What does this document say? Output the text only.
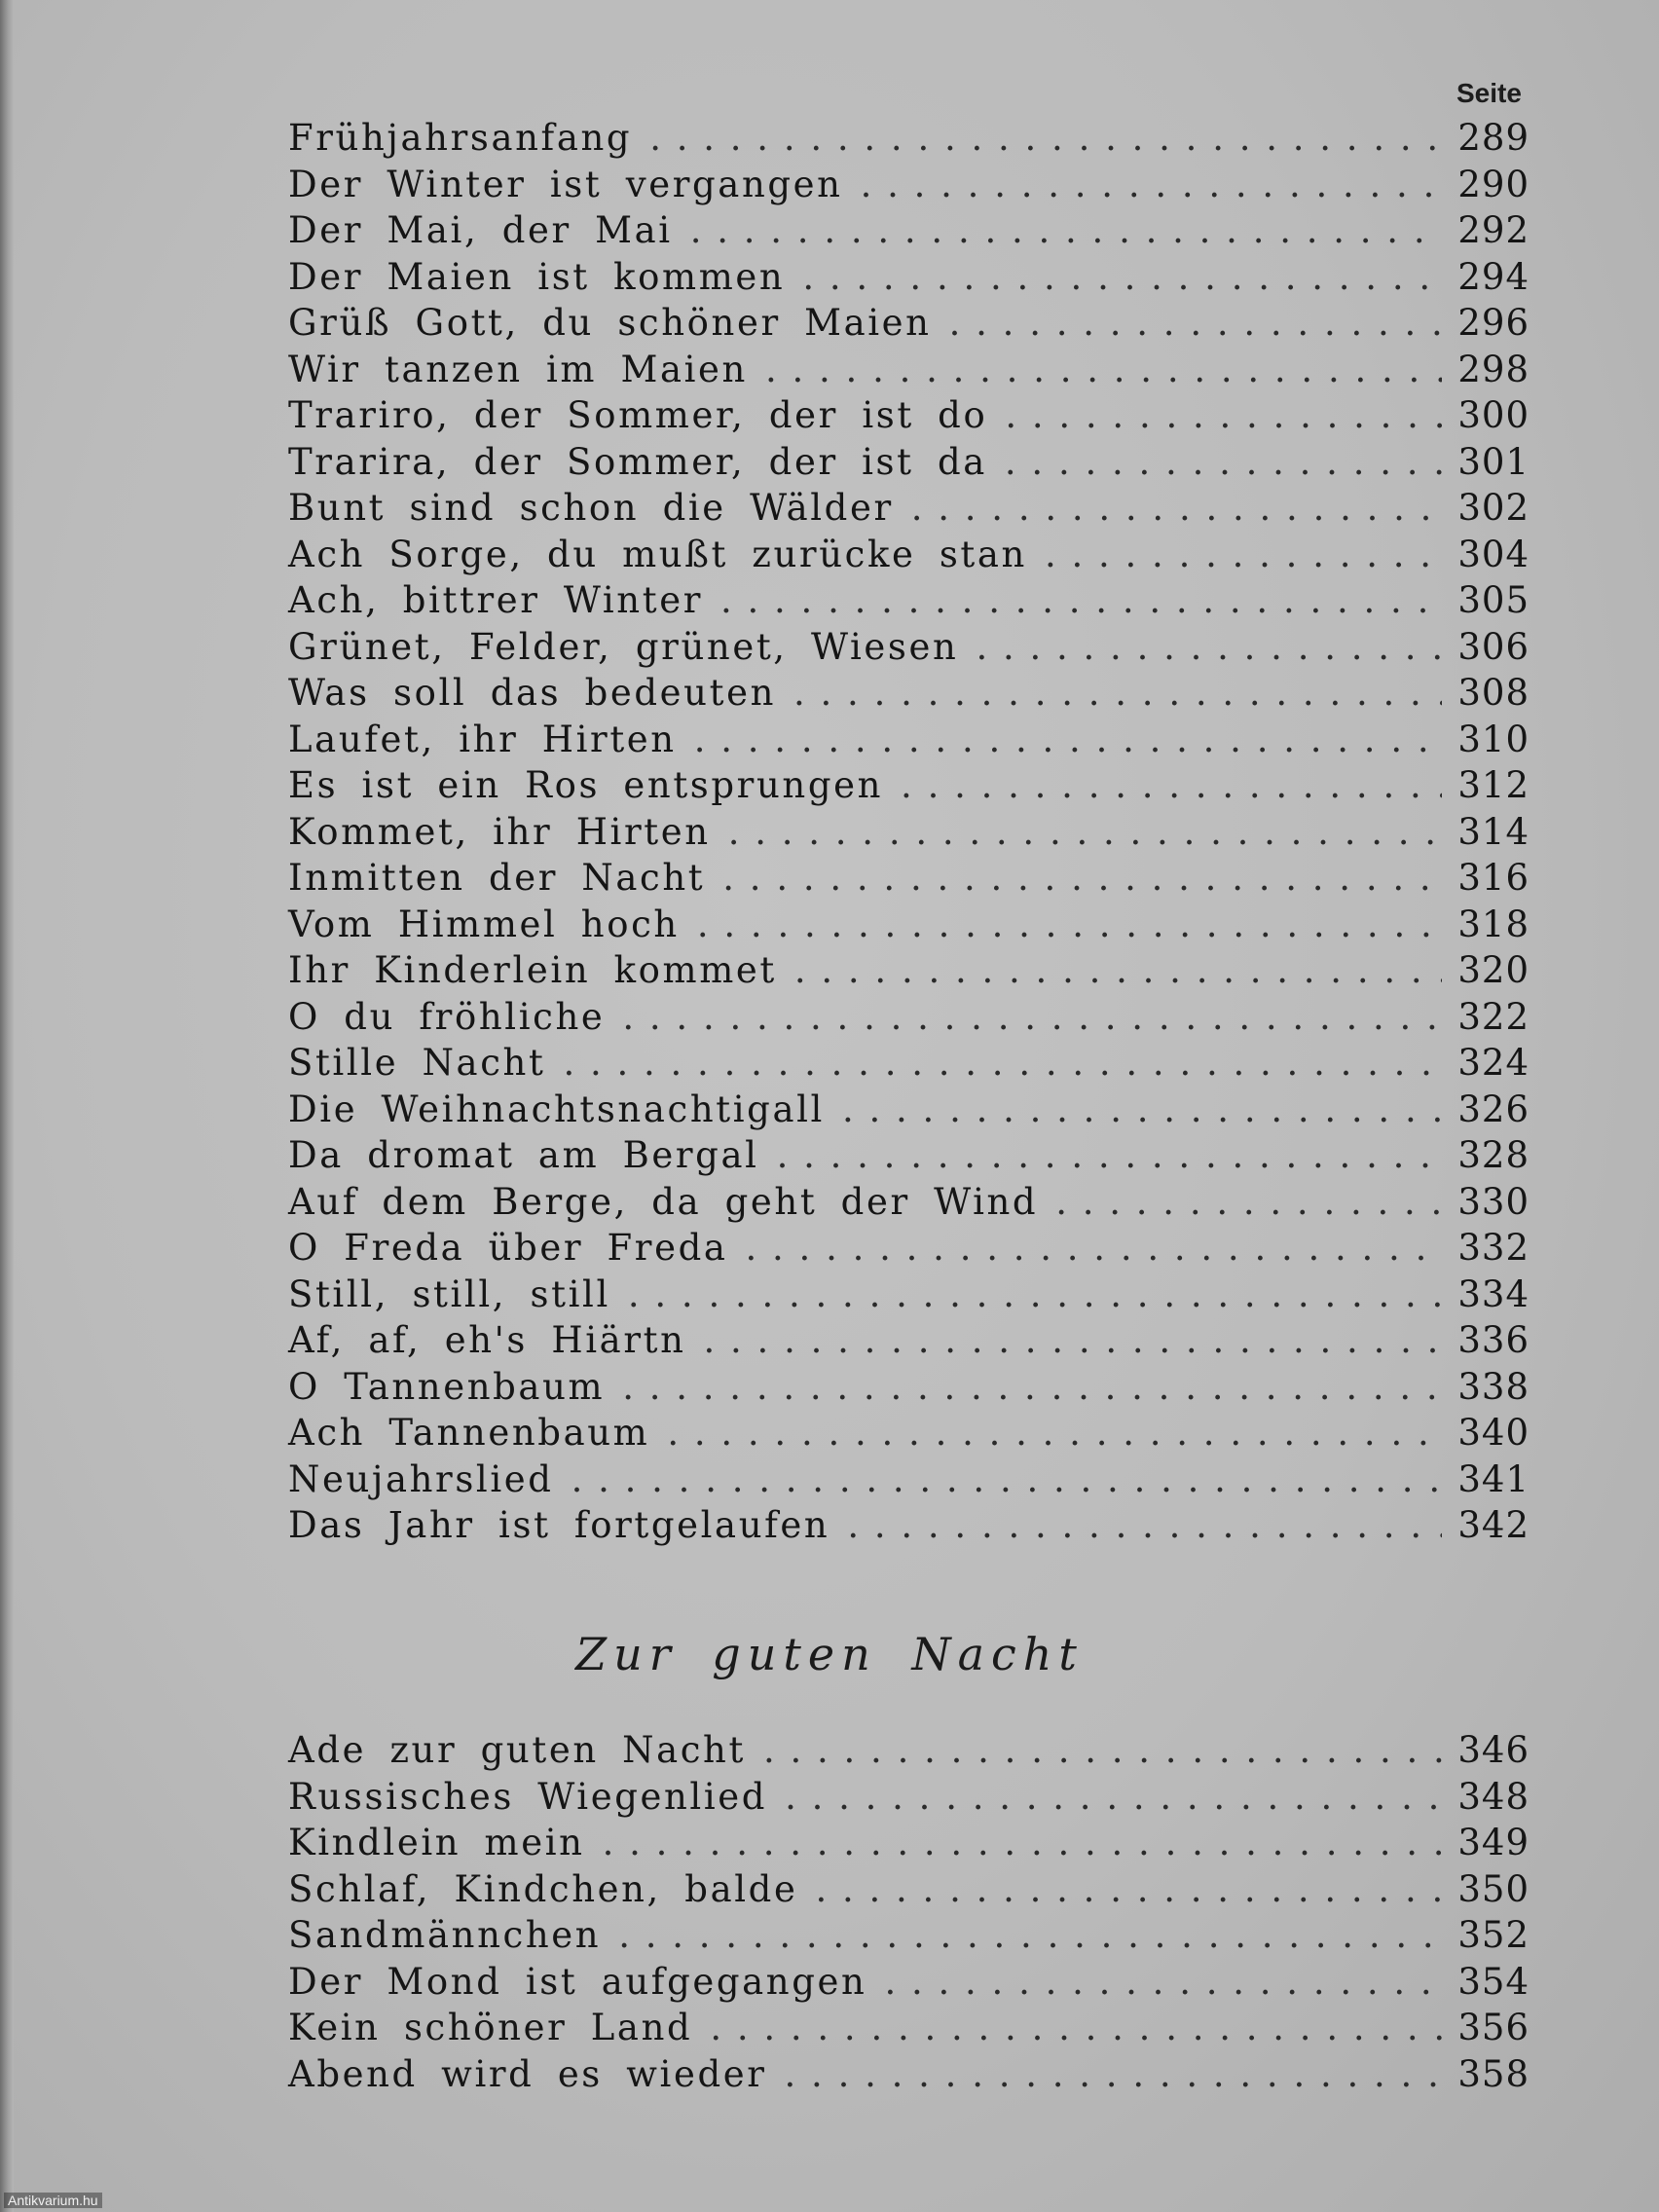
Seite
Frühjahrsanfang . . .	289
Der Winter ist vergangen . . .	290
Der Mai, der Mai . . .	292
Der Maien ist kommen . . .	294
Grüß Gott, du schöner Maien . . .	296
Wir tanzen im Maien . . .	298
Trariro, der Sommer, der ist do . . .	300
Trarira, der Sommer, der ist da . . .	301
Bunt sind schon die Wälder . . .	302
Ach Sorge, du mußt zurücke stan . . .	304
Ach, bittrer Winter . . .	305
Grünet, Felder, grünet, Wiesen . . .	306
Was soll das bedeuten . . .	308
Laufet, ihr Hirten . . .	310
Es ist ein Ros entsprungen . . .	312
Kommet, ihr Hirten . . .	314
Inmitten der Nacht . . .	316
Vom Himmel hoch . . .	318
Ihr Kinderlein kommet . . .	320
O du fröhliche . . .	322
Stille Nacht . . .	324
Die Weihnachtsnachtigall . . .	326
Da dromat am Bergal . . .	328
Auf dem Berge, da geht der Wind . . .	330
O Freda über Freda . . .	332
Still, still, still . . .	334
Af, af, eh's Hiärtn . . .	336
O Tannenbaum . . .	338
Ach Tannenbaum . . .	340
Neujahrslied . . .	341
Das Jahr ist fortgelaufen . . .	342
Zur guten Nacht
Ade zur guten Nacht . . .	346
Russisches Wiegenlied . . .	348
Kindlein mein . . .	349
Schlaf, Kindchen, balde . . .	350
Sandmännchen . . .	352
Der Mond ist aufgegangen . . .	354
Kein schöner Land . . .	356
Abend wird es wieder . . .	358
Antikvarium.hu
